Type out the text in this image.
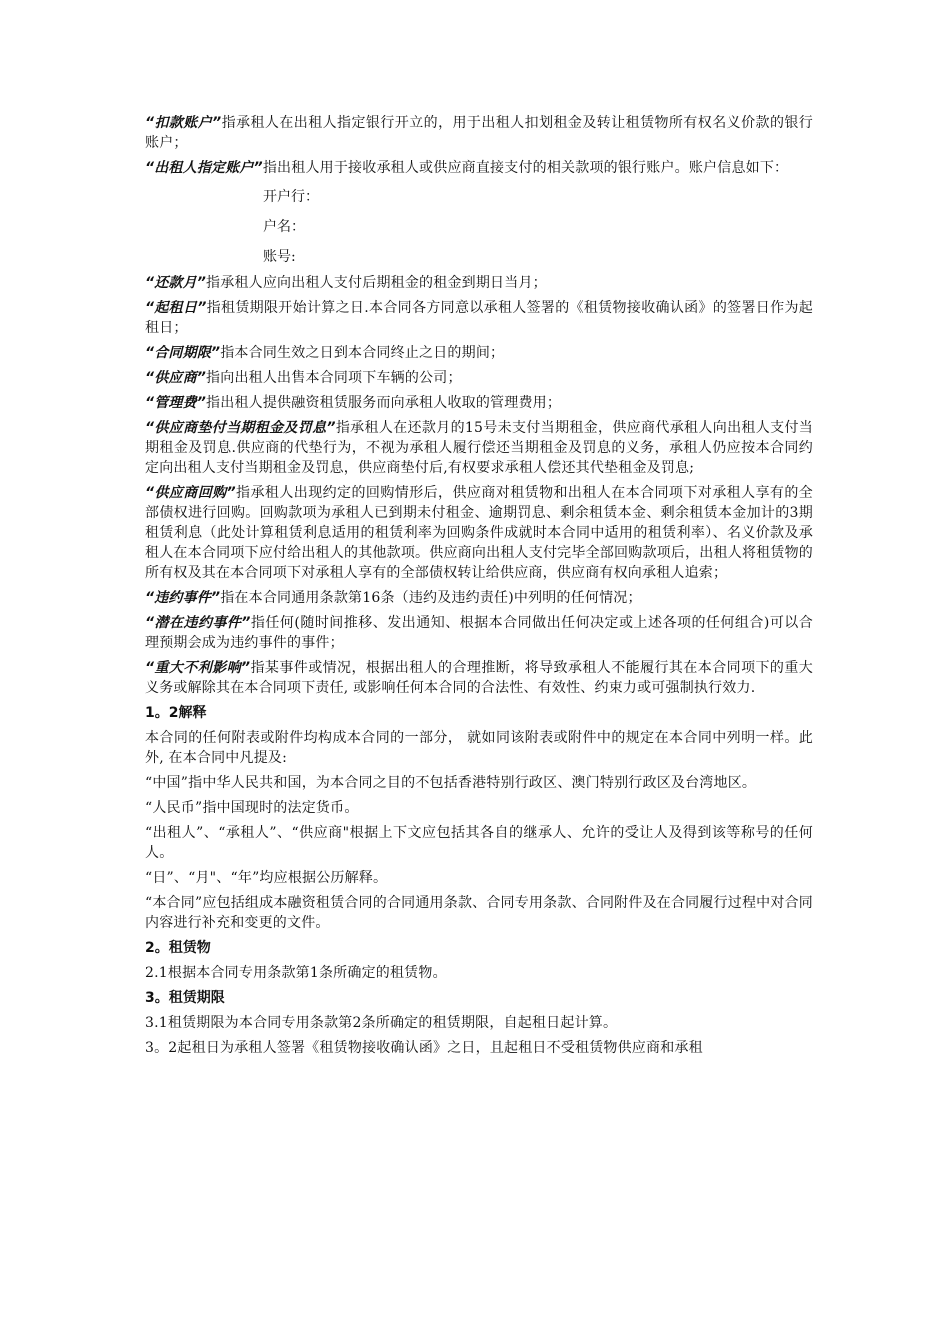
“扣款账户”指承租人在出租人指定银行开立的，用于出租人扣划租金及转让租赁物所有权名义价款的银行账户；

“出租人指定账户”指出租人用于接收承租人或供应商直接支付的相关款项的银行账户。账户信息如下：

开户行：

户名：

账号:

“还款月”指承租人应向出租人支付后期租金的租金到期日当月；

“起租日”指租赁期限开始计算之日.本合同各方同意以承租人签署的《租赁物接收确认函》的签署日作为起租日；

“合同期限”指本合同生效之日到本合同终止之日的期间；

“供应商”指向出租人出售本合同项下车辆的公司；

“管理费”指出租人提供融资租赁服务而向承租人收取的管理费用；

“供应商垫付当期租金及罚息”指承租人在还款月的15号未支付当期租金，供应商代承租人向出租人支付当期租金及罚息.供应商的代垫行为，不视为承租人履行偿还当期租金及罚息的义务，承租人仍应按本合同约定向出租人支付当期租金及罚息，供应商垫付后,有权要求承租人偿还其代垫租金及罚息;

“供应商回购”指承租人出现约定的回购情形后，供应商对租赁物和出租人在本合同项下对承租人享有的全部债权进行回购。回购款项为承租人已到期未付租金、逾期罚息、剩余租赁本金、剩余租赁本金加计的3期租赁利息（此处计算租赁利息适用的租赁利率为回购条件成就时本合同中适用的租赁利率）、名义价款及承租人在本合同项下应付给出租人的其他款项。供应商向出租人支付完毕全部回购款项后，出租人将租赁物的所有权及其在本合同项下对承租人享有的全部债权转让给供应商，供应商有权向承租人追索；

“违约事件”指在本合同通用条款第16条（违约及违约责任)中列明的任何情况；

“潜在违约事件”指任何(随时间推移、发出通知、根据本合同做出任何决定或上述各项的任何组合)可以合理预期会成为违约事件的事件；

“重大不利影响”指某事件或情况，根据出租人的合理推断，将导致承租人不能履行其在本合同项下的重大义务或解除其在本合同项下责任, 或影响任何本合同的合法性、有效性、约束力或可强制执行效力.

1。2解释

本合同的任何附表或附件均构成本合同的一部分， 就如同该附表或附件中的规定在本合同中列明一样。此外, 在本合同中凡提及:

“中国”指中华人民共和国，为本合同之目的不包括香港特别行政区、澳门特别行政区及台湾地区。

“人民币”指中国现时的法定货币。

“出租人”、“承租人”、“供应商"根据上下文应包括其各自的继承人、允许的受让人及得到该等称号的任何人。

“日”、“月"、“年”均应根据公历解释。

“本合同”应包括组成本融资租赁合同的合同通用条款、合同专用条款、合同附件及在合同履行过程中对合同内容进行补充和变更的文件。

2。租赁物

2.1根据本合同专用条款第1条所确定的租赁物。

3。租赁期限

3.1租赁期限为本合同专用条款第2条所确定的租赁期限，自起租日起计算。

3。2起租日为承租人签署《租赁物接收确认函》之日，且起租日不受租赁物供应商和承租
